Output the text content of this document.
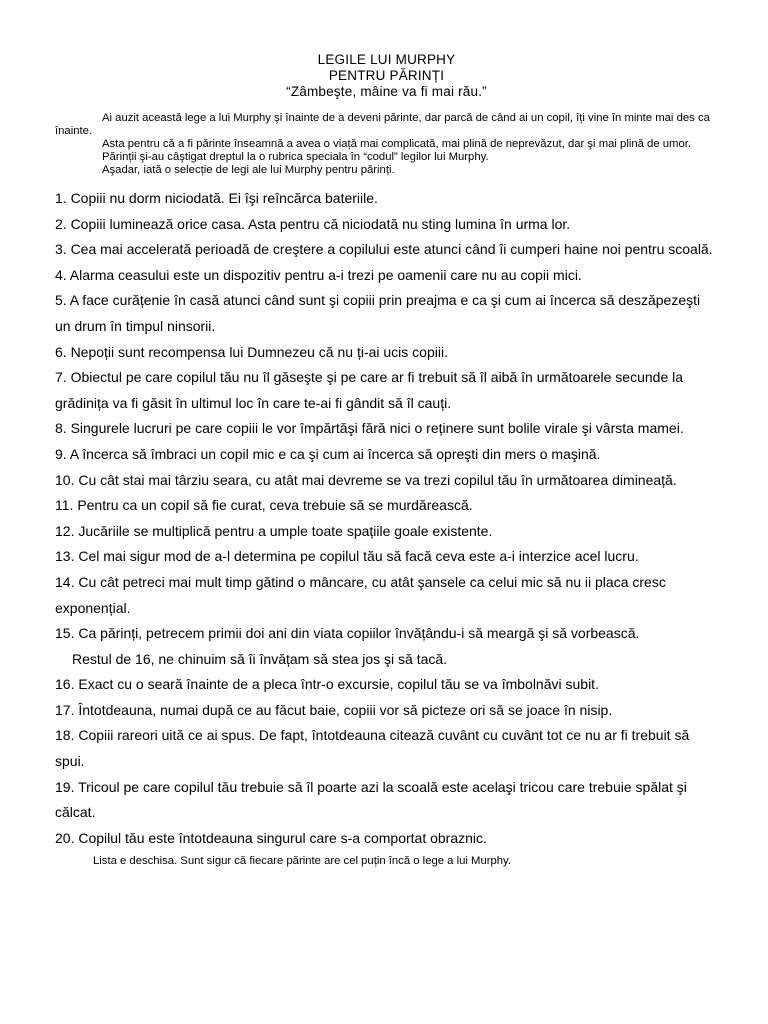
LEGILE LUI MURPHY
PENTRU PĂRINȚI
“Zâmbeşte, mâine va fi mai rău.”

Ai auzit această lege a lui Murphy şi înainte de a deveni părinte, dar parcă de când ai un copil, îți vine în minte mai des ca înainte.

Asta pentru că a fi părinte înseamnă a avea o viață mai complicată, mai plină de neprevăzut, dar şi mai plină de umor.

Părinții şi-au câştigat dreptul la o rubrica speciala în “codul” legilor lui Murphy.

Aşadar, iată o selecție de legi ale lui Murphy pentru părinți.

1. Copiii nu dorm niciodată. Ei îşi reîncărca bateriile.
2. Copiii luminează orice casa. Asta pentru că niciodată nu sting lumina în urma lor.
3. Cea mai accelerată perioadă de creştere a copilului este atunci când îi cumperi haine noi pentru scoală.
4. Alarma ceasului este un dispozitiv pentru a-i trezi pe oamenii care nu au copii mici.
5. A face curățenie în casă atunci când sunt şi copiii prin preajma e ca şi cum ai încerca să deszăpezeşti un drum în timpul ninsorii.
6. Nepoții sunt recompensa lui Dumnezeu că nu ți-ai ucis copiii.
7. Obiectul pe care copilul tău nu îl găseşte şi pe care ar fi trebuit să îl aibă în următoarele secunde la grădinița va fi găsit în ultimul loc în care te-ai fi gândit să îl cauți.
8. Singurele lucruri pe care copiii le vor împărtăşi fără nici o reținere sunt bolile virale şi vârsta mamei.
9. A încerca să îmbraci un copil mic e ca şi cum ai încerca să opreşti din mers o maşină.
10. Cu cât stai mai târziu seara, cu atât mai devreme se va trezi copilul tău în următoarea dimineață.
11. Pentru ca un copil să fie curat, ceva trebuie să se murdărească.
12. Jucăriile se multiplică pentru a umple toate spațiile goale existente.
13. Cel mai sigur mod de a-l determina pe copilul tău să facă ceva este a-i interzice acel lucru.
14. Cu cât petreci mai mult timp gătind o mâncare, cu atât şansele ca celui mic să nu ii placa cresc exponențial.
15. Ca părinți, petrecem primii doi ani din viata copiilor învățându-i să meargă şi să vorbească.
Restul de 16, ne chinuim să îi învățam să stea jos şi să tacă.
16. Exact cu o seară înainte de a pleca într-o excursie, copilul tău se va îmbolnăvi subit.
17. Întotdeauna, numai după ce au făcut baie, copiii vor să picteze ori să se joace în nisip.
18. Copiii rareori uită ce ai spus. De fapt, întotdeauna citează cuvânt cu cuvânt tot ce nu ar fi trebuit să spui.
19. Tricoul pe care copilul tău trebuie să îl poarte azi la scoală este acelaşi tricou care trebuie spălat şi călcat.
20. Copilul tău este întotdeauna singurul care s-a comportat obraznic.
Lista e deschisa. Sunt sigur că fiecare părinte are cel puțin încă o lege a lui Murphy.
